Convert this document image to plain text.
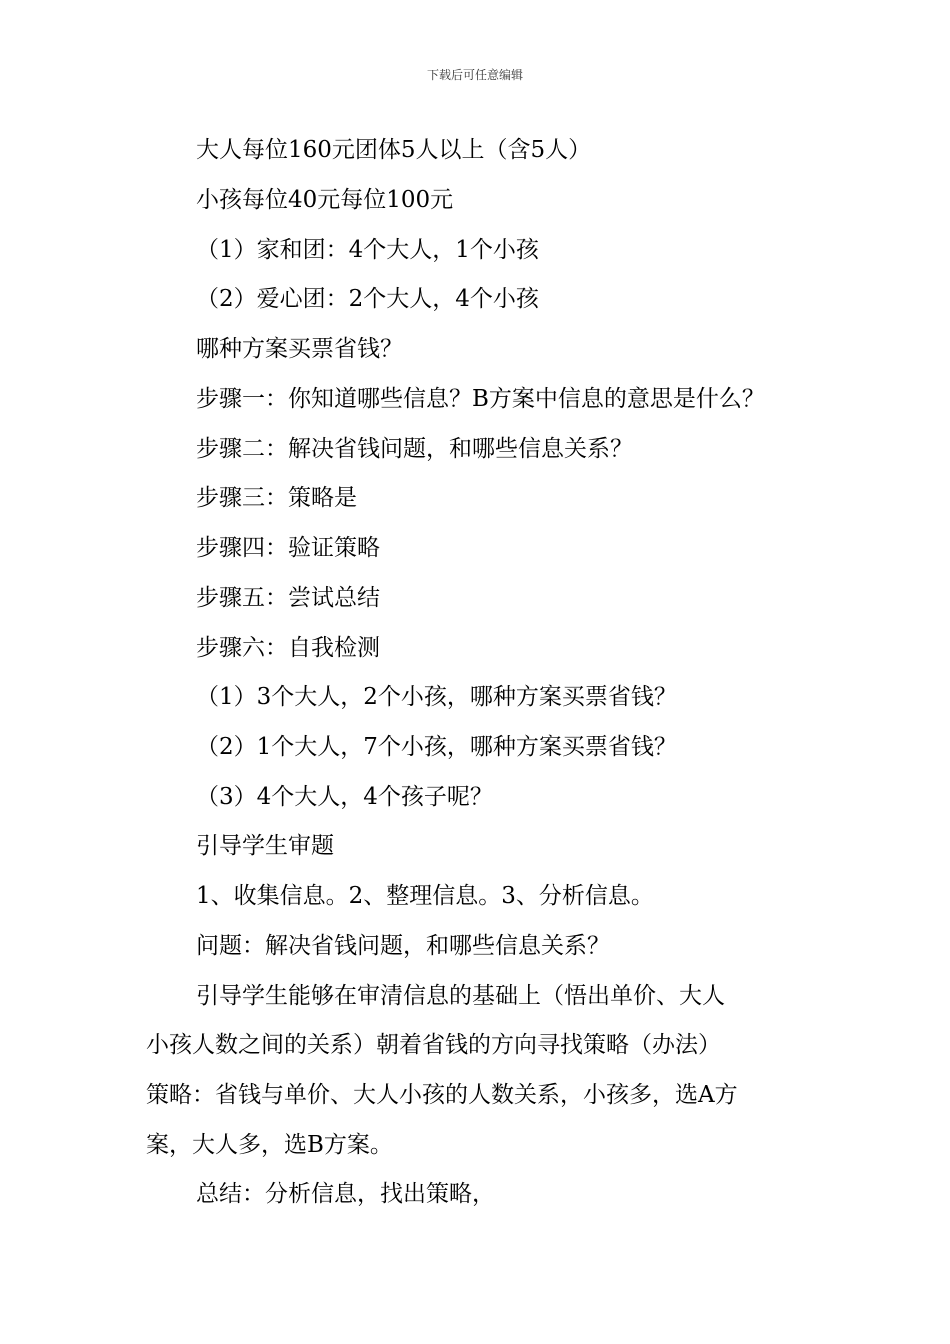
下载后可任意编辑
大人每位160元团体5人以上（含5人）
小孩每位40元每位100元
（1）家和团：4个大人，1个小孩
（2）爱心团：2个大人，4个小孩
哪种方案买票省钱？
步骤一：你知道哪些信息？B方案中信息的意思是什么？
步骤二：解决省钱问题，和哪些信息关系？
步骤三：策略是
步骤四：验证策略
步骤五：尝试总结
步骤六：自我检测
（1）3个大人，2个小孩，哪种方案买票省钱？
（2）1个大人，7个小孩，哪种方案买票省钱？
（3）4个大人，4个孩子呢？
引导学生审题
1、收集信息。2、整理信息。3、分析信息。
问题：解决省钱问题，和哪些信息关系？
引导学生能够在审清信息的基础上（悟出单价、大人
小孩人数之间的关系）朝着省钱的方向寻找策略（办法）
策略：省钱与单价、大人小孩的人数关系，小孩多，选A方
案，大人多，选B方案。
总结：分析信息，找出策略，
